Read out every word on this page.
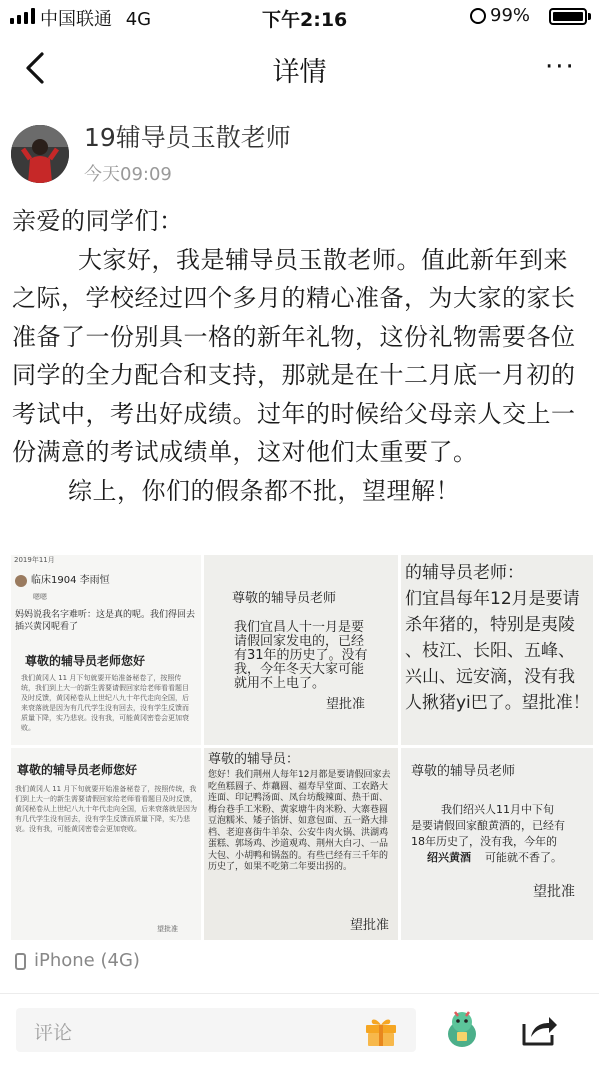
中国联通 4G	下午2:16	99%
详情	···
19辅导员玉散老师
今天09:09

亲爱的同学们：

大家好，我是辅导员玉散老师。值此新年到来之际，学校经过四个多月的精心准备，为大家的家长准备了一份别具一格的新年礼物，这份礼物需要各位同学的全力配合和支持，那就是在十二月底一月初的考试中，考出好成绩。过年的时候给父母亲人交上一份满意的考试成绩单，这对他们太重要了。

综上，你们的假条都不批，望理解！

2019年11月
临床1904 李雨恒
嗯嗯
妈妈说我名字难听：这是真的呢。我们得回去插兴黄冈呢看了
尊敬的辅导员老师您好
我们黄冈人 11 月下旬就要开始准备秘卷了，按照传统，我们到上大一的新生需要请假回家给老师看看题目及时反馈，黄冈秘卷从上世纪八九十年代走向全国，后来衰落就是因为有几代学生没有回去，没有学生反馈而质量下降，实乃悲哀。没有我，可能黄冈密卷会更加衰败。
尊敬的辅导员老师
我们宜昌人十一月是要请假回家发电的，已经有31年的历史了。没有我，今年冬天大家可能就用不上电了。
望批准
的辅导员老师：
们宜昌每年12月是要请
杀年猪的，特别是夷陵
、枝江、长阳、五峰、
兴山、远安滴，没有我
人揪猪yi巴了。望批准！
尊敬的辅导员老师您好
我们黄冈人 11 月下旬就要开始准备秘卷了，按照传统，我们到上大一的新生需要请假回家给老师看看题目及时反馈，黄冈秘卷从上世纪八九十年代走向全国，后来衰落就是因为有几代学生没有回去，没有学生反馈而质量下降，实乃悲哀。没有我，可能黄冈密卷会更加衰败。
望批准
尊敬的辅导员：
您好！我们荆州人每年12月都是要请假回家去吃鱼糕圆子、炸藕圆、福寿早堂面、工农路大连面、印记鸭汤面、凤台坊酸辣面、热干面、梅台巷手工米粉、黄家塘牛肉米粉、大寨巷圆豆泡糯米、矮子馅饼、如意包面、五一路大排档、老迎喜街牛羊杂、公安牛肉火锅、洪湖鸡蛋糕、郭场鸡、沙道观鸡、荆州大白刁、一品大包、小胡鸭和锅盔的。有些已经有三千年的历史了，如果不吃第二年要出拐的。
望批准
尊敬的辅导员老师
我们绍兴人11月中下旬
是要请假回家酿黄酒的，已经有
18年历史了，没有我，今年的
绍兴黄酒 可能就不香了。
望批准
iPhone (4G)
评论
